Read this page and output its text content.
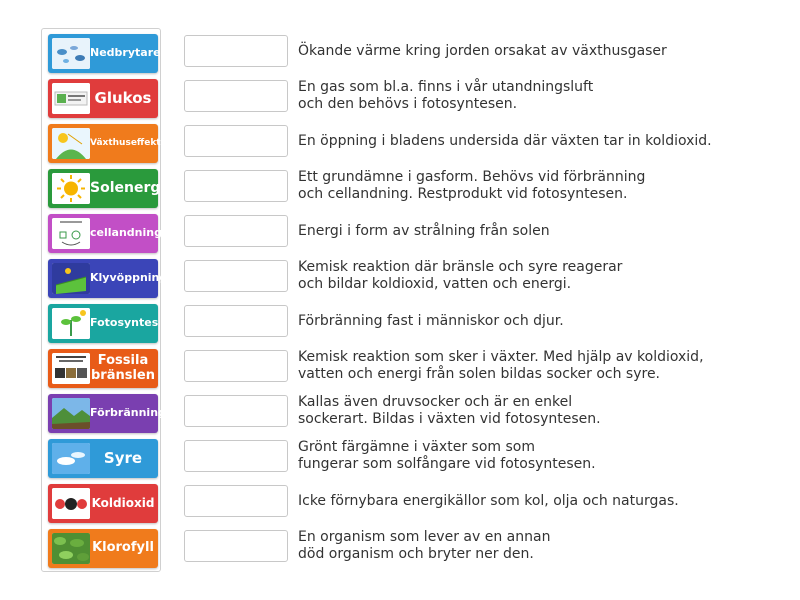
Nedbrytare
Glukos
Växthuseffekt
Solenergi
cellandning
Klyvöppning
Fotosyntes
Fossila
bränslen
Förbränning
Syre
Koldioxid
Klorofyll
Ökande värme kring jorden orsakat av växthusgaser
En gas som bl.a. finns i vår utandningsluft
och den behövs i fotosyntesen.
En öppning i bladens undersida där växten tar in koldioxid.
Ett grundämne i gasform. Behövs vid förbränning
och cellandning. Restprodukt vid fotosyntesen.
Energi i form av strålning från solen
Kemisk reaktion där bränsle och syre reagerar
och bildar koldioxid, vatten och energi.
Förbränning fast i människor och djur.
Kemisk reaktion som sker i växter. Med hjälp av koldioxid,
vatten och energi från solen bildas socker och syre.
Kallas även druvsocker och är en enkel
sockerart. Bildas i växten vid fotosyntesen.
Grönt färgämne i växter som som
fungerar som solfångare vid fotosyntesen.
Icke förnybara energikällor som kol, olja och naturgas.
En organism som lever av en annan
död organism och bryter ner den.
